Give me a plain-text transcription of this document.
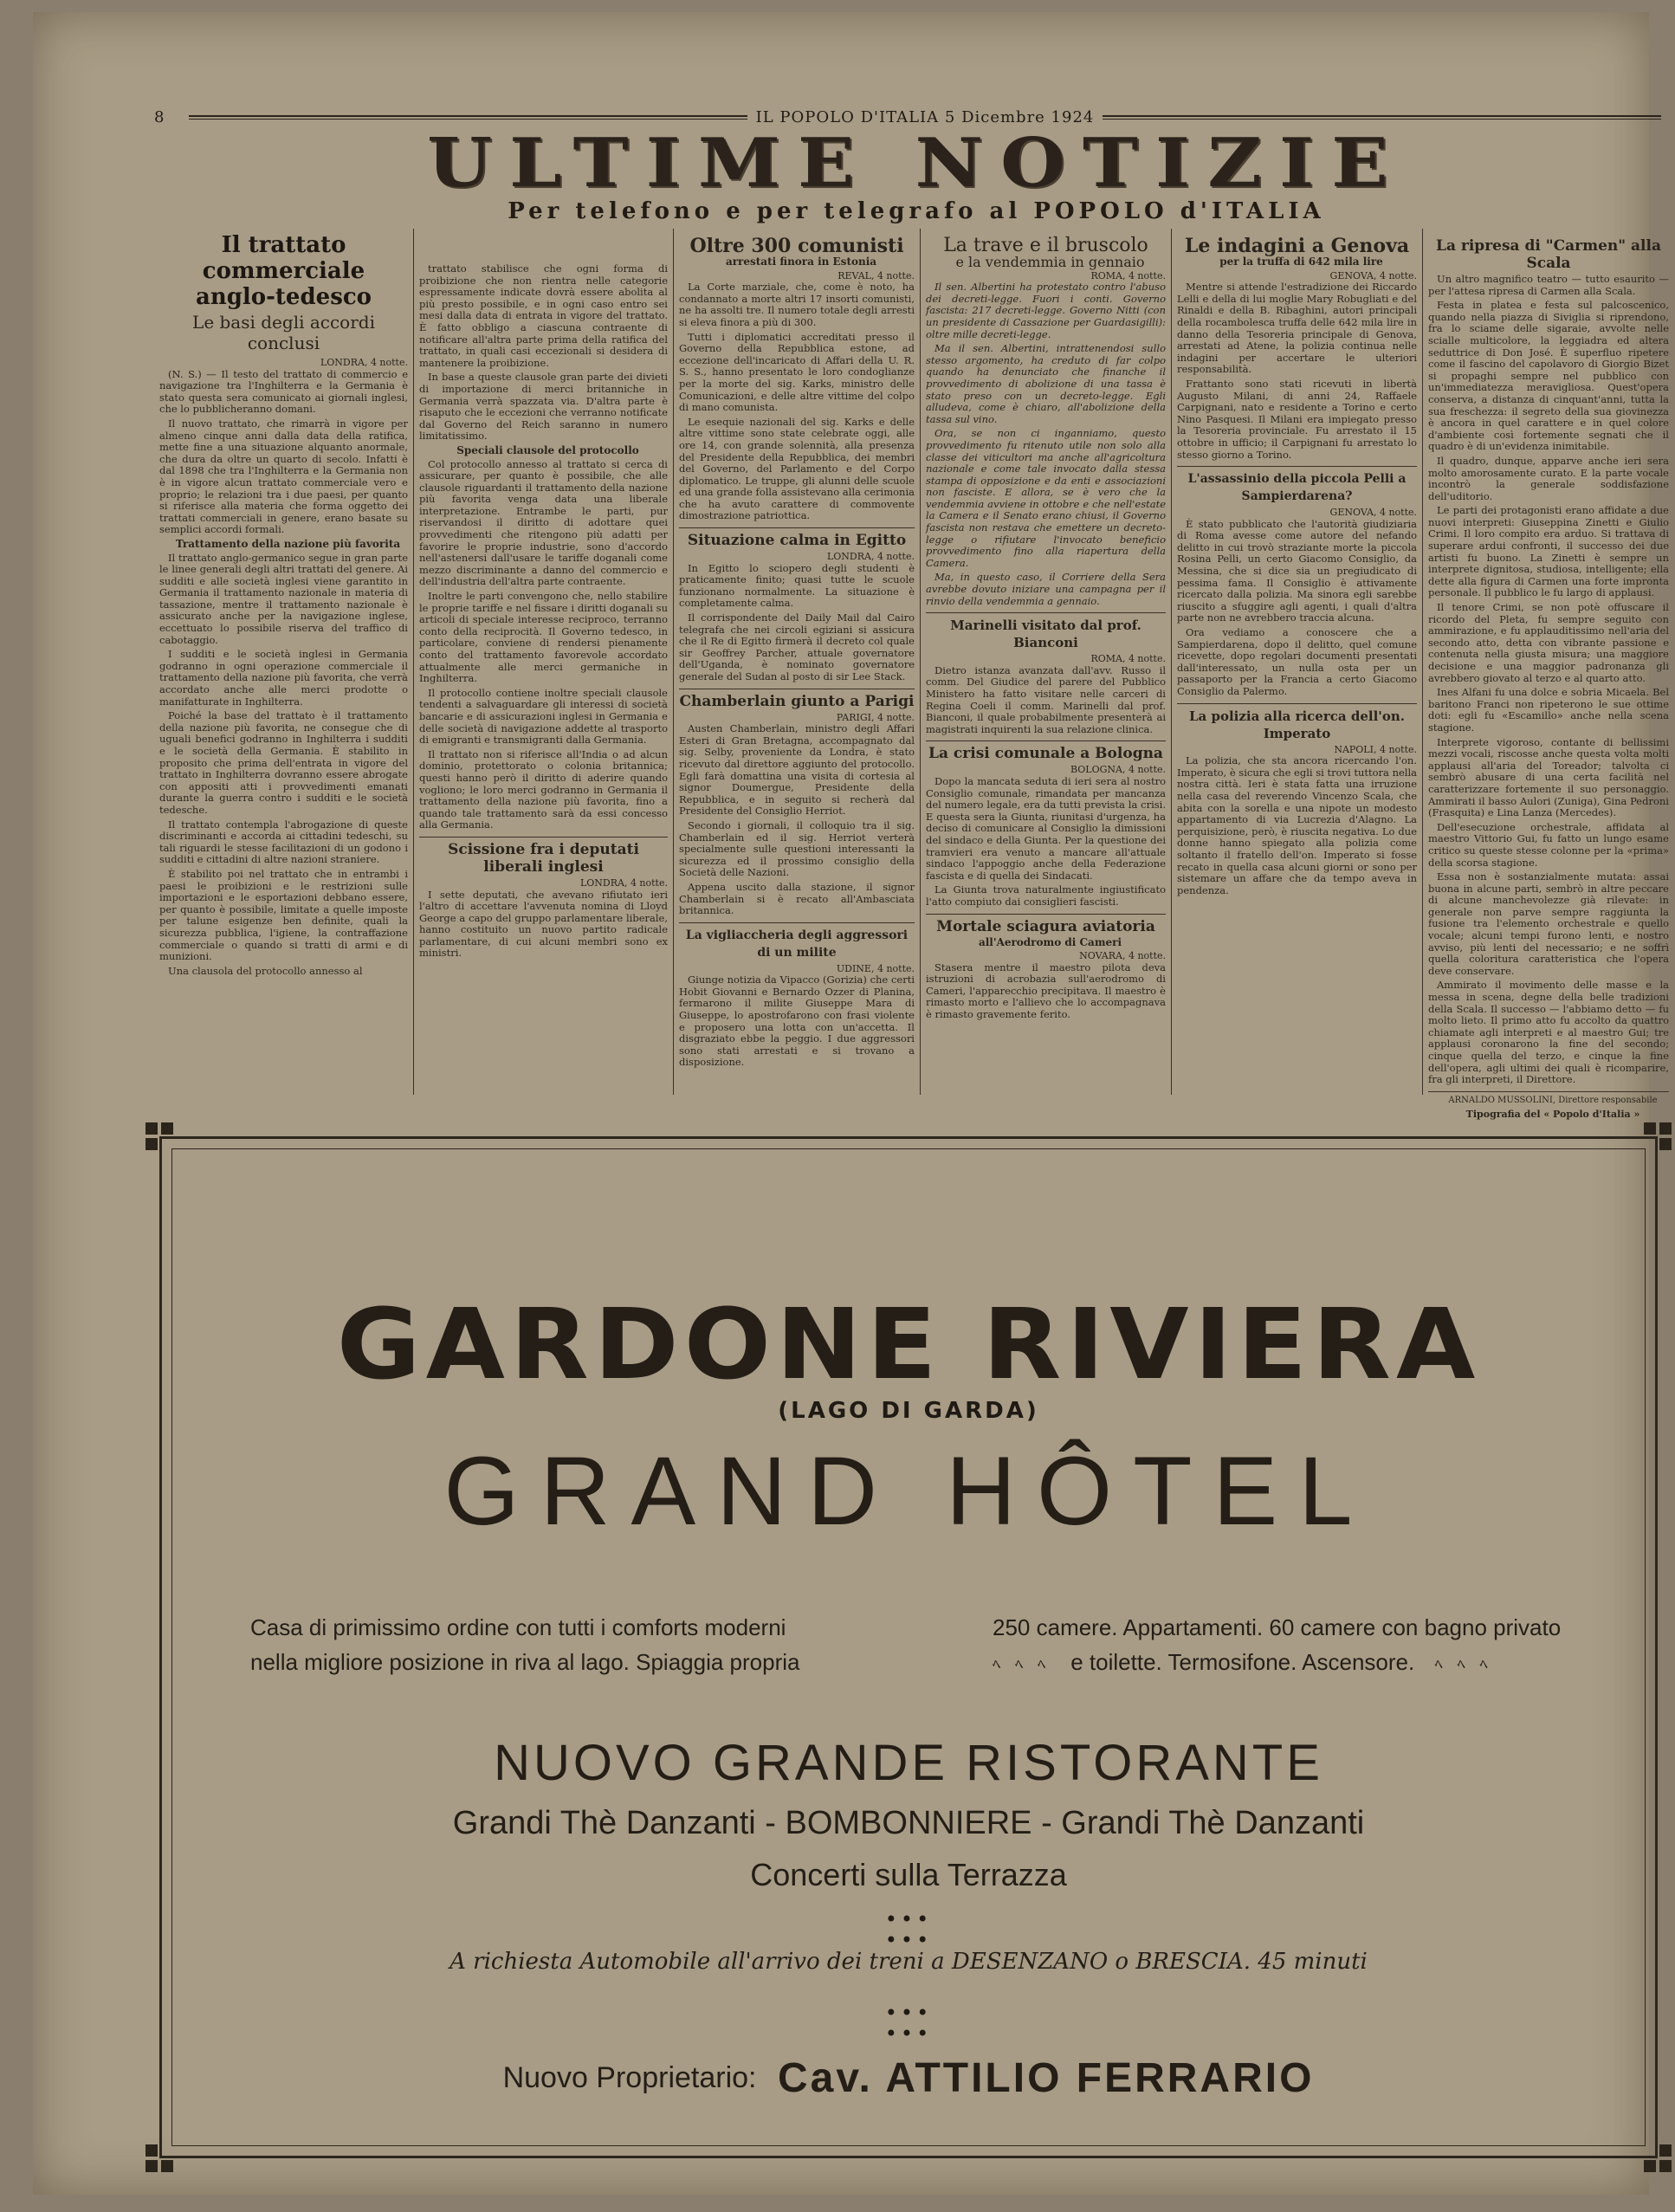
8	IL POPOLO D'ITALIA 5 Dicembre 1924
ULTIME NOTIZIE
Per telefono e per telegrafo al POPOLO d'ITALIA
Il trattato commerciale anglo-tedesco
Le basi degli accordi conclusi

LONDRA, 4 notte.

(N. S.) — Il testo del trattato di commercio e navigazione tra l'Inghilterra e la Germania è stato questa sera comunicato ai giornali inglesi, che lo pubblicheranno domani.

Il nuovo trattato, che rimarrà in vigore per almeno cinque anni dalla data della ratifica, mette fine a una situazione alquanto anormale, che dura da oltre un quarto di secolo. Infatti è dal 1898 che tra l'Inghilterra e la Germania non è in vigore alcun trattato commerciale vero e proprio; le relazioni tra i due paesi, per quanto si riferisce alla materia che forma oggetto dei trattati commerciali in genere, erano basate su semplici accordi formali.

Trattamento della nazione più favorita

Il trattato anglo-germanico segue in gran parte le linee generali degli altri trattati del genere. Ai sudditi e alle società inglesi viene garantito in Germania il trattamento nazionale in materia di tassazione, mentre il trattamento nazionale è assicurato anche per la navigazione inglese, eccettuato lo possibile riserva del traffico di cabotaggio.

I sudditi e le società inglesi in Germania godranno in ogni operazione commerciale il trattamento della nazione più favorita, che verrà accordato anche alle merci prodotte o manifatturate in Inghilterra.

Poiché la base del trattato è il trattamento della nazione più favorita, ne consegue che di uguali benefici godranno in Inghilterra i sudditi e le società della Germania. È stabilito in proposito che prima dell'entrata in vigore del trattato in Inghilterra dovranno essere abrogate con appositi atti i provvedimenti emanati durante la guerra contro i sudditi e le società tedesche.

Il trattato contempla l'abrogazione di queste discriminanti e accorda ai cittadini tedeschi, su tali riguardi le stesse facilitazioni di un godono i sudditi e cittadini di altre nazioni straniere.

È stabilito poi nel trattato che in entrambi i paesi le proibizioni e le restrizioni sulle importazioni e le esportazioni debbano essere, per quanto è possibile, limitate a quelle imposte per talune esigenze ben definite, quali la sicurezza pubblica, l'igiene, la contraffazione commerciale o quando si tratti di armi e di munizioni.

Una clausola del protocollo annesso al

trattato stabilisce che ogni forma di proibizione che non rientra nelle categorie espressamente indicate dovrà essere abolita al più presto possibile, e in ogni caso entro sei mesi dalla data di entrata in vigore del trattato. È fatto obbligo a ciascuna contraente di notificare all'altra parte prima della ratifica del trattato, in quali casi eccezionali si desidera di mantenere la proibizione.

In base a queste clausole gran parte dei divieti di importazione di merci britanniche in Germania verrà spazzata via. D'altra parte è risaputo che le eccezioni che verranno notificate dal Governo del Reich saranno in numero limitatissimo.

Speciali clausole del protocollo

Col protocollo annesso al trattato si cerca di assicurare, per quanto è possibile, che alle clausole riguardanti il trattamento della nazione più favorita venga data una liberale interpretazione. Entrambe le parti, pur riservandosi il diritto di adottare quei provvedimenti che ritengono più adatti per favorire le proprie industrie, sono d'accordo nell'astenersi dall'usare le tariffe doganali come mezzo discriminante a danno del commercio e dell'industria dell'altra parte contraente.

Inoltre le parti convengono che, nello stabilire le proprie tariffe e nel fissare i diritti doganali su articoli di speciale interesse reciproco, terranno conto della reciprocità. Il Governo tedesco, in particolare, conviene di rendersi pienamente conto del trattamento favorevole accordato attualmente alle merci germaniche in Inghilterra.

Il protocollo contiene inoltre speciali clausole tendenti a salvaguardare gli interessi di società bancarie e di assicurazioni inglesi in Germania e delle società di navigazione addette al trasporto di emigranti e transmigranti dalla Germania.

Il trattato non si riferisce all'India o ad alcun dominio, protettorato o colonia britannica; questi hanno però il diritto di aderire quando vogliono; le loro merci godranno in Germania il trattamento della nazione più favorita, fino a quando tale trattamento sarà da essi concesso alla Germania.

Scissione fra i deputati liberali inglesi

LONDRA, 4 notte.

I sette deputati, che avevano rifiutato ieri l'altro di accettare l'avvenuta nomina di Lloyd George a capo del gruppo parlamentare liberale, hanno costituito un nuovo partito radicale parlamentare, di cui alcuni membri sono ex ministri.

Oltre 300 comunisti

arrestati finora in Estonia

REVAL, 4 notte.

La Corte marziale, che, come è noto, ha condannato a morte altri 17 insorti comunisti, ne ha assolti tre. Il numero totale degli arresti si eleva finora a più di 300.

Tutti i diplomatici accreditati presso il Governo della Repubblica estone, ad eccezione dell'incaricato di Affari della U. R. S. S., hanno presentato le loro condoglianze per la morte del sig. Karks, ministro delle Comunicazioni, e delle altre vittime del colpo di mano comunista.

Le esequie nazionali del sig. Karks e delle altre vittime sono state celebrate oggi, alle ore 14, con grande solennità, alla presenza del Presidente della Repubblica, dei membri del Governo, del Parlamento e del Corpo diplomatico. Le truppe, gli alunni delle scuole ed una grande folla assistevano alla cerimonia che ha avuto carattere di commovente dimostrazione patriottica.

Situazione calma in Egitto

LONDRA, 4 notte.

In Egitto lo sciopero degli studenti è praticamente finito; quasi tutte le scuole funzionano normalmente. La situazione è completamente calma.

Il corrispondente del Daily Mail dal Cairo telegrafa che nei circoli egiziani si assicura che il Re di Egitto firmerà il decreto col quale sir Geoffrey Parcher, attuale governatore dell'Uganda, è nominato governatore generale del Sudan al posto di sir Lee Stack.

Chamberlain giunto a Parigi

PARIGI, 4 notte.

Austen Chamberlain, ministro degli Affari Esteri di Gran Bretagna, accompagnato dal sig. Selby, proveniente da Londra, è stato ricevuto dal direttore aggiunto del protocollo. Egli farà domattina una visita di cortesia al signor Doumergue, Presidente della Repubblica, e in seguito si recherà dal Presidente del Consiglio Herriot.

Secondo i giornali, il colloquio tra il sig. Chamberlain ed il sig. Herriot verterà specialmente sulle questioni interessanti la sicurezza ed il prossimo consiglio della Società delle Nazioni.

Appena uscito dalla stazione, il signor Chamberlain si è recato all'Ambasciata britannica.

La vigliaccheria degli aggressori di un milite

UDINE, 4 notte.

Giunge notizia da Vipacco (Gorizia) che certi Hobit Giovanni e Bernardo Ozzer di Planina, fermarono il milite Giuseppe Mara di Giuseppe, lo apostrofarono con frasi violente e proposero una lotta con un'accetta. Il disgraziato ebbe la peggio. I due aggressori sono stati arrestati e si trovano a disposizione.

La trave e il bruscolo

e la vendemmia in gennaio

ROMA, 4 notte.

Il sen. Albertini ha protestato contro l'abuso dei decreti-legge. Fuori i conti. Governo fascista: 217 decreti-legge. Governo Nitti (con un presidente di Cassazione per Guardasigilli): oltre mille decreti-legge.

Ma il sen. Albertini, intrattenendosi sullo stesso argomento, ha creduto di far colpo quando ha denunciato che finanche il provvedimento di abolizione di una tassa è stato preso con un decreto-legge. Egli alludeva, come è chiaro, all'abolizione della tassa sul vino.

Ora, se non ci inganniamo, questo provvedimento fu ritenuto utile non solo alla classe dei viticultori ma anche all'agricoltura nazionale e come tale invocato dalla stessa stampa di opposizione e da enti e associazioni non fasciste. E allora, se è vero che la vendemmia avviene in ottobre e che nell'estate la Camera e il Senato erano chiusi, il Governo fascista non restava che emettere un decreto-legge o rifiutare l'invocato beneficio provvedimento fino alla riapertura della Camera.

Ma, in questo caso, il Corriere della Sera avrebbe dovuto iniziare una campagna per il rinvio della vendemmia a gennaio.

Marinelli visitato dal prof. Bianconi

ROMA, 4 notte.

Dietro istanza avanzata dall'avv. Russo il comm. Del Giudice del parere del Pubblico Ministero ha fatto visitare nelle carceri di Regina Coeli il comm. Marinelli dal prof. Bianconi, il quale probabilmente presenterà ai magistrati inquirenti la sua relazione clinica.

La crisi comunale a Bologna

BOLOGNA, 4 notte.

Dopo la mancata seduta di ieri sera al nostro Consiglio comunale, rimandata per mancanza del numero legale, era da tutti prevista la crisi. E questa sera la Giunta, riunitasi d'urgenza, ha deciso di comunicare al Consiglio la dimissioni del sindaco e della Giunta. Per la questione dei tramvieri era venuto a mancare all'attuale sindaco l'appoggio anche della Federazione fascista e di quella dei Sindacati.

La Giunta trova naturalmente ingiustificato l'atto compiuto dai consiglieri fascisti.

Mortale sciagura aviatoria

all'Aerodromo di Cameri

NOVARA, 4 notte.

Stasera mentre il maestro pilota deva istruzioni di acrobazia sull'aerodromo di Cameri, l'apparecchio precipitava. Il maestro è rimasto morto e l'allievo che lo accompagnava è rimasto gravemente ferito.

Le indagini a Genova

per la truffa di 642 mila lire

GENOVA, 4 notte.

Mentre si attende l'estradizione dei Riccardo Lelli e della di lui moglie Mary Robugliati e del Rinaldi e della B. Ribaghini, autori principali della rocambolesca truffa delle 642 mila lire in danno della Tesoreria principale di Genova, arrestati ad Atene, la polizia continua nelle indagini per accertare le ulteriori responsabilità.

Frattanto sono stati ricevuti in libertà Augusto Milani, di anni 24, Raffaele Carpignani, nato e residente a Torino e certo Nino Pasquesi. Il Milani era impiegato presso la Tesoreria provinciale. Fu arrestato il 15 ottobre in ufficio; il Carpignani fu arrestato lo stesso giorno a Torino.

L'assassinio della piccola Pelli a Sampierdarena?

GENOVA, 4 notte.

È stato pubblicato che l'autorità giudiziaria di Roma avesse come autore del nefando delitto in cui trovò straziante morte la piccola Rosina Pelli, un certo Giacomo Consiglio, da Messina, che si dice sia un pregiudicato di pessima fama. Il Consiglio è attivamente ricercato dalla polizia. Ma sinora egli sarebbe riuscito a sfuggire agli agenti, i quali d'altra parte non ne avrebbero traccia alcuna.

Ora vediamo a conoscere che a Sampierdarena, dopo il delitto, quel comune ricevette, dopo regolari documenti presentati dall'interessato, un nulla osta per un passaporto per la Francia a certo Giacomo Consiglio da Palermo.

La polizia alla ricerca dell'on. Imperato

NAPOLI, 4 notte.

La polizia, che sta ancora ricercando l'on. Imperato, è sicura che egli si trovi tuttora nella nostra città. Ieri è stata fatta una irruzione nella casa del reverendo Vincenzo Scala, che abita con la sorella e una nipote un modesto appartamento di via Lucrezia d'Alagno. La perquisizione, però, è riuscita negativa. Lo due donne hanno spiegato alla polizia come soltanto il fratello dell'on. Imperato si fosse recato in quella casa alcuni giorni or sono per sistemare un affare che da tempo aveva in pendenza.

La ripresa di "Carmen" alla Scala

Un altro magnifico teatro — tutto esaurito — per l'attesa ripresa di Carmen alla Scala.

Festa in platea e festa sul palcoscenico, quando nella piazza di Siviglia si riprendono, fra lo sciame delle sigaraie, avvolte nelle scialle multicolore, la leggiadra ed altera seduttrice di Don José. È superfluo ripetere come il fascino del capolavoro di Giorgio Bizet si propaghi sempre nel pubblico con un'immediatezza meravigliosa. Quest'opera conserva, a distanza di cinquant'anni, tutta la sua freschezza: il segreto della sua giovinezza è ancora in quel carattere e in quel colore d'ambiente così fortemente segnati che il quadro è di un'evidenza inimitabile.

Il quadro, dunque, apparve anche ieri sera molto amorosamente curato. E la parte vocale incontrò la generale soddisfazione dell'uditorio.

Le parti dei protagonisti erano affidate a due nuovi interpreti: Giuseppina Zinetti e Giulio Crimi. Il loro compito era arduo. Si trattava di superare ardui confronti, il successo dei due artisti fu buono. La Zinetti è sempre un interprete dignitosa, studiosa, intelligente; ella dette alla figura di Carmen una forte impronta personale. Il pubblico le fu largo di applausi.

Il tenore Crimi, se non potè offuscare il ricordo del Pleta, fu sempre seguito con ammirazione, e fu applauditissimo nell'aria del secondo atto, detta con vibrante passione e contenuta nella giusta misura; una maggiore decisione e una maggior padronanza gli avrebbero giovato al terzo e al quarto atto.

Ines Alfani fu una dolce e sobria Micaela. Bel baritono Franci non ripeterono le sue ottime doti: egli fu «Escamillo» anche nella scena stagione.

Interprete vigoroso, contante di bellissimi mezzi vocali, riscosse anche questa volta molti applausi all'aria del Toreador; talvolta ci sembrò abusare di una certa facilità nel caratterizzare fortemente il suo personaggio. Ammirati il basso Aulori (Zuniga), Gina Pedroni (Frasquita) e Lina Lanza (Mercedes).

Dell'esecuzione orchestrale, affidata al maestro Vittorio Gui, fu fatto un lungo esame critico su queste stesse colonne per la «prima» della scorsa stagione.

Essa non è sostanzialmente mutata: assai buona in alcune parti, sembrò in altre peccare di alcune manchevolezze già rilevate: in generale non parve sempre raggiunta la fusione tra l'elemento orchestrale e quello vocale; alcuni tempi furono lenti, e nostro avviso, più lenti del necessario; e ne soffrì quella coloritura caratteristica che l'opera deve conservare.

Ammirato il movimento delle masse e la messa in scena, degne della belle tradizioni della Scala. Il successo — l'abbiamo detto — fu molto lieto. Il primo atto fu accolto da quattro chiamate agli interpreti e al maestro Gui; tre applausi coronarono la fine del secondo; cinque quella del terzo, e cinque la fine dell'opera, agli ultimi dei quali è ricomparire, fra gli interpreti, il Direttore.

ARNALDO MUSSOLINI, Direttore responsabile

Tipografia del « Popolo d'Italia »

GARDONE RIVIERA
(LAGO DI GARDA)
GRAND HÔTEL
Casa di primissimo ordine con tutti i comforts moderni
nella migliore posizione in riva al lago. Spiaggia propria
250 camere. Appartamenti. 60 camere con bagno privato
ﾍ ﾍ ﾍ e toilette. Termosifone. Ascensore. ﾍ ﾍ ﾍ
NUOVO GRANDE RISTORANTE
Grandi Thè Danzanti - BOMBONNIERE - Grandi Thè Danzanti
Concerti sulla Terrazza
•••
•••
A richiesta Automobile all'arrivo dei treni a DESENZANO o BRESCIA. 45 minuti
•••
•••
Nuovo Proprietario: Cav. ATTILIO FERRARIO
